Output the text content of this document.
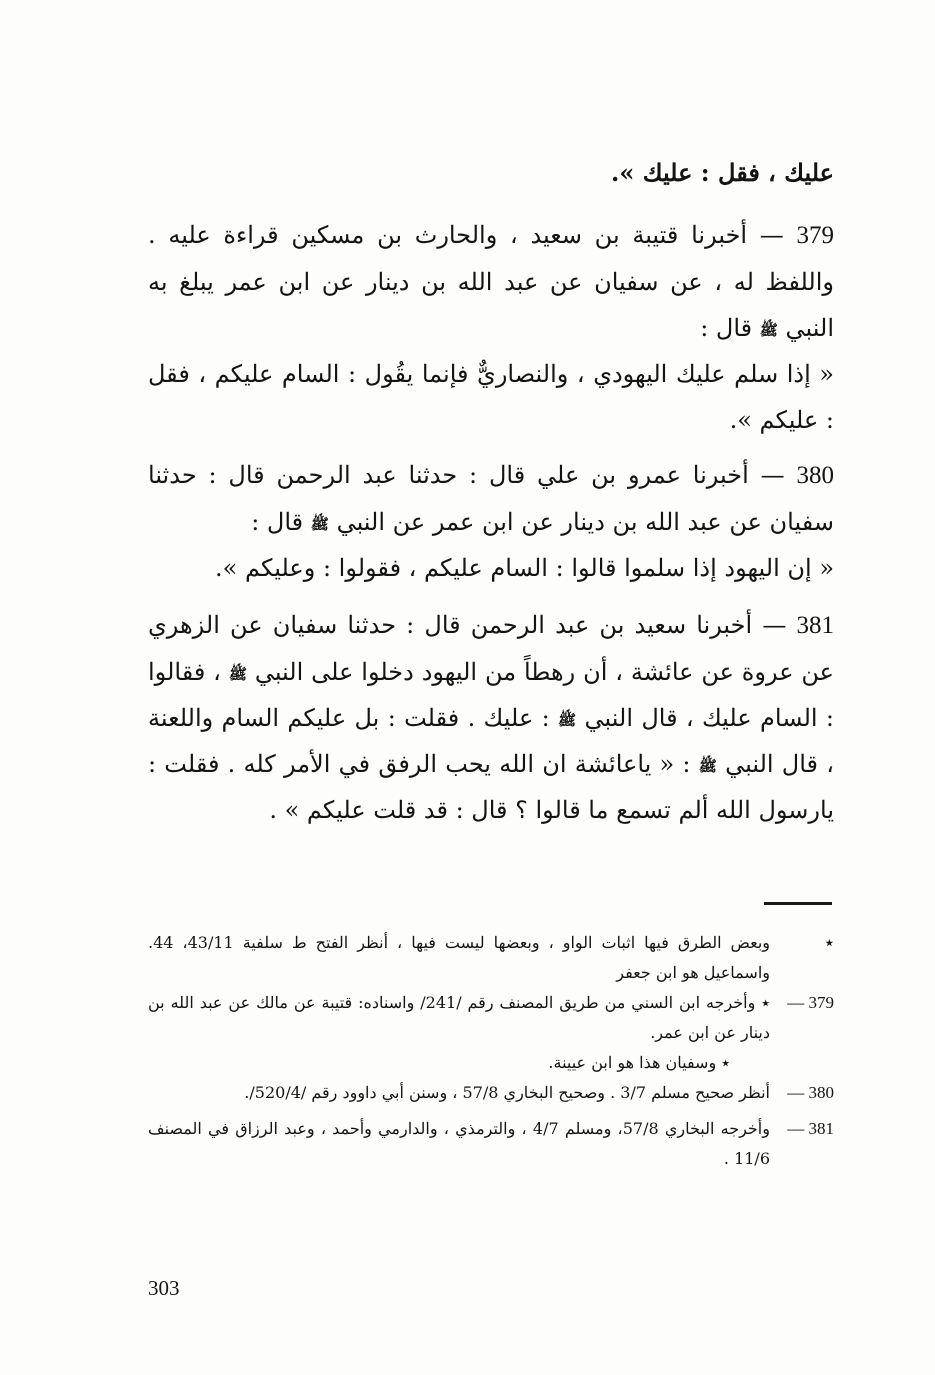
عليك ، فقل : عليك ».

379 — أخبرنا قتيبة بن سعيد ، والحارث بن مسكين قراءة عليه . واللفظ له ، عن سفيان عن عبد الله بن دينار عن ابن عمر يبلغ به النبي ﷺ قال :

« إذا سلم عليك اليهودي ، والنصاريٌّ فإنما يقُول : السام عليكم ، فقل : عليكم ».

380 — أخبرنا عمرو بن علي قال : حدثنا عبد الرحمن قال : حدثنا سفيان عن عبد الله بن دينار عن ابن عمر عن النبي ﷺ قال :

« إن اليهود إذا سلموا قالوا : السام عليكم ، فقولوا : وعليكم ».

381 — أخبرنا سعيد بن عبد الرحمن قال : حدثنا سفيان عن الزهري عن عروة عن عائشة ، أن رهطاً من اليهود دخلوا على النبي ﷺ ، فقالوا : السام عليك ، قال النبي ﷺ : عليك . فقلت : بل عليكم السام واللعنة ، قال النبي ﷺ : « ياعائشة ان الله يحب الرفق في الأمر كله . فقلت : يارسول الله ألم تسمع ما قالوا ؟ قال : قد قلت عليكم » .

٭

وبعض الطرق فيها اثبات الواو ، وبعضها ليست فيها ، أنظر الفتح ط سلفية 43/11، 44. واسماعيل هو ابن جعفر

379 —

٭ وأخرجه ابن السني من طريق المصنف رقم /241/ واسناده: قتيبة عن مالك عن عبد الله بن دينار عن ابن عمر.

٭ وسفيان هذا هو ابن عيينة.

380 —

أنظر صحيح مسلم 3/7 . وصحيح البخاري 57/8 ، وسنن أبي داوود رقم /520/4/.

381 —

وأخرجه البخاري 57/8، ومسلم 4/7 ، والترمذي ، والدارمي وأحمد ، وعبد الرزاق في المصنف 11/6 .

303
